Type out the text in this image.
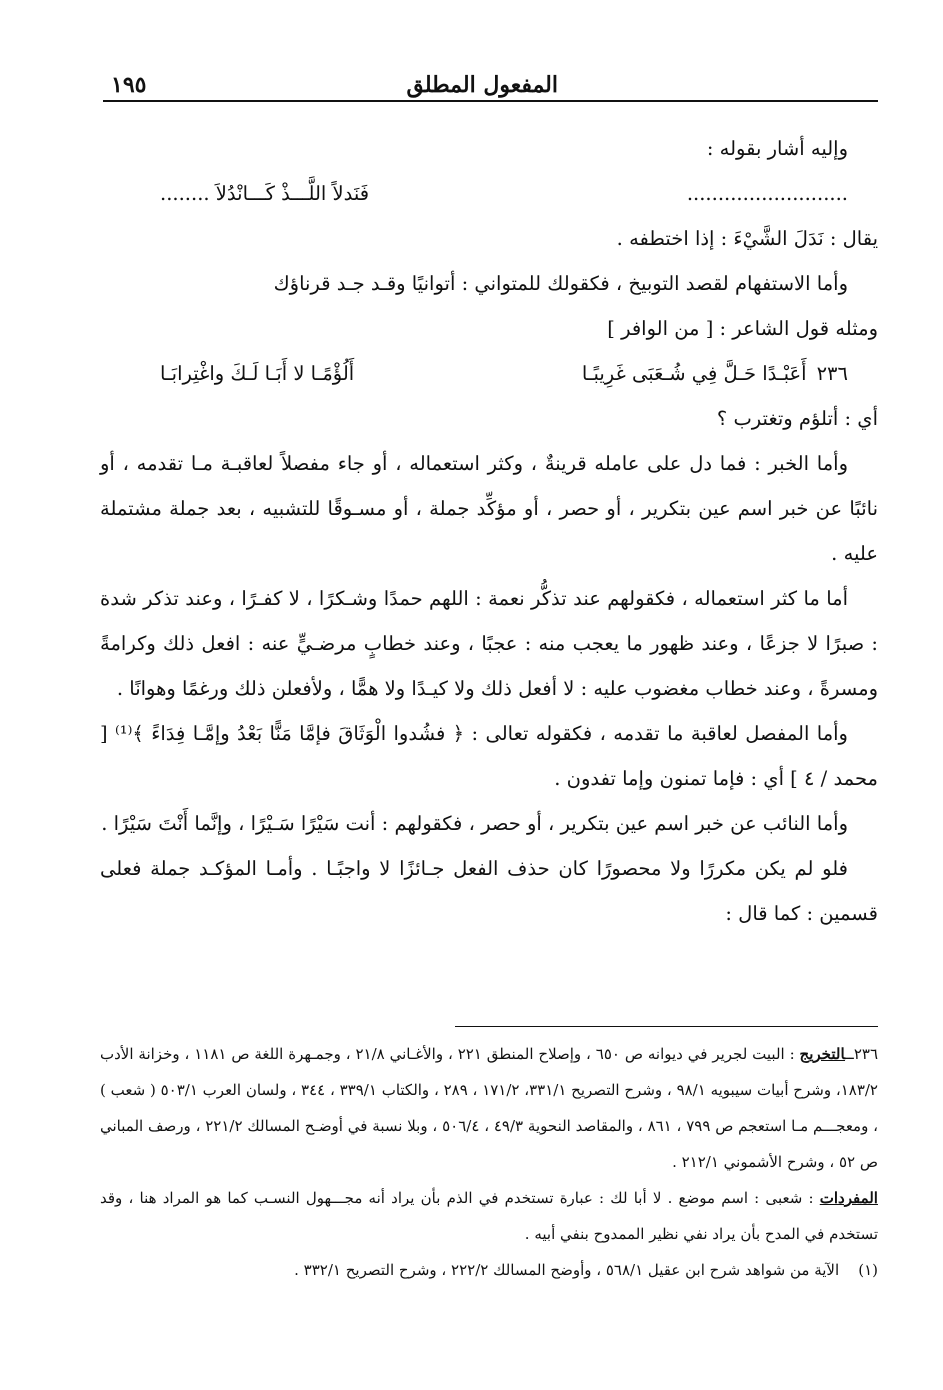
المفعول المطلق
١٩٥

وإليه أشار بقوله :

..........................
فَنَدلاً اللَّـــذْ كَـــانْدُلاَ ........

يقال : نَدَلَ الشَّيْءَ : إذا اختطفه .

وأما الاستفهام لقصد التوبيخ ، فكقولك للمتواني : أتوانيًا وقـد جـد قرناؤك

ومثله قول الشاعر : [ من الوافر ]

٢٣٦أَعَبْـدًا حَـلَّ فِي شُـعَبَى غَرِيبًـا
أَلُؤْمًـا لا أَبَـا لَـكَ واغْتِرابَـا

أي : أتلؤم وتغترب ؟

وأما الخبر : فما دل على عامله قرينةٌ ، وكثر استعماله ، أو جاء مفصلاً لعاقبـة مـا تقدمه ، أو نائبًا عن خبر اسم عين بتكرير ، أو حصر ، أو مؤكِّد جملة ، أو مسـوقًا للتشبيه ، بعد جملة مشتملة عليه .

أما ما كثر استعماله ، فكقولهم عند تذكُّر نعمة : اللهم حمدًا وشـكرًا ، لا كفـرًا ، وعند تذكر شدة : صبرًا لا جزعًا ، وعند ظهور ما يعجب منه : عجبًا ، وعند خطابٍ مرضـيٍّ عنه : افعل ذلك وكرامةً ومسرةً ، وعند خطاب مغضوب عليه : لا أفعل ذلك ولا كيـدًا ولا همًّا ، ولأفعلن ذلك ورغمًا وهوانًا .

وأما المفصل لعاقبة ما تقدمه ، فكقوله تعالى : ﴿ فشُدوا الْوَثَاقَ فإمَّا مَنًّا بَعْدُ وإمَّـا فِدَاءً ﴾⁽¹⁾ [ محمد / ٤ ] أي : فإما تمنون وإما تفدون .

وأما النائب عن خبر اسم عين بتكرير ، أو حصر ، فكقولهم : أنت سَيْرًا سَـيْرًا ، وإنَّما أَنْتَ سَيْرًا .

فلو لم يكن مكررًا ولا محصورًا كان حذف الفعل جـائزًا لا واجبًـا . وأمـا المؤكـد جملة فعلى قسمين : كما قال :

٢٣٦ــالتخريج : البيت لجرير في ديوانه ص ٦٥٠ ، وإصلاح المنطق ٢٢١ ، والأغـاني ٢١/٨ ، وجمـهرة اللغة ص ١١٨١ ، وخزانة الأدب ١٨٣/٢، وشرح أبيات سيبويه ٩٨/١ ، وشرح التصريح ٣٣١/١، ١٧١/٢ ، ٢٨٩ ، والكتاب ٣٣٩/١ ، ٣٤٤ ، ولسان العرب ٥٠٣/١ ( شعب ) ، ومعجـــم مـا استعجم ص ٧٩٩ ، ٨٦١ ، والمقاصد النحوية ٤٩/٣ ، ٥٠٦/٤ ، وبلا نسبة في أوضـح المسالك ٢٢١/٢ ، ورصف المباني ص ٥٢ ، وشرح الأشموني ٢١٢/١ .

المفردات : شعبى : اسم موضع . لا أبا لك : عبارة تستخدم في الذم بأن يراد أنه مجـــهول النسـب كما هو المراد هنا ، وقد تستخدم في المدح بأن يراد نفي نظير الممدوح بنفي أبيه .

(١)    الآية من شواهد شرح ابن عقيل ٥٦٨/١ ، وأوضح المسالك ٢٢٢/٢ ، وشرح التصريح ٣٣٢/١ .
